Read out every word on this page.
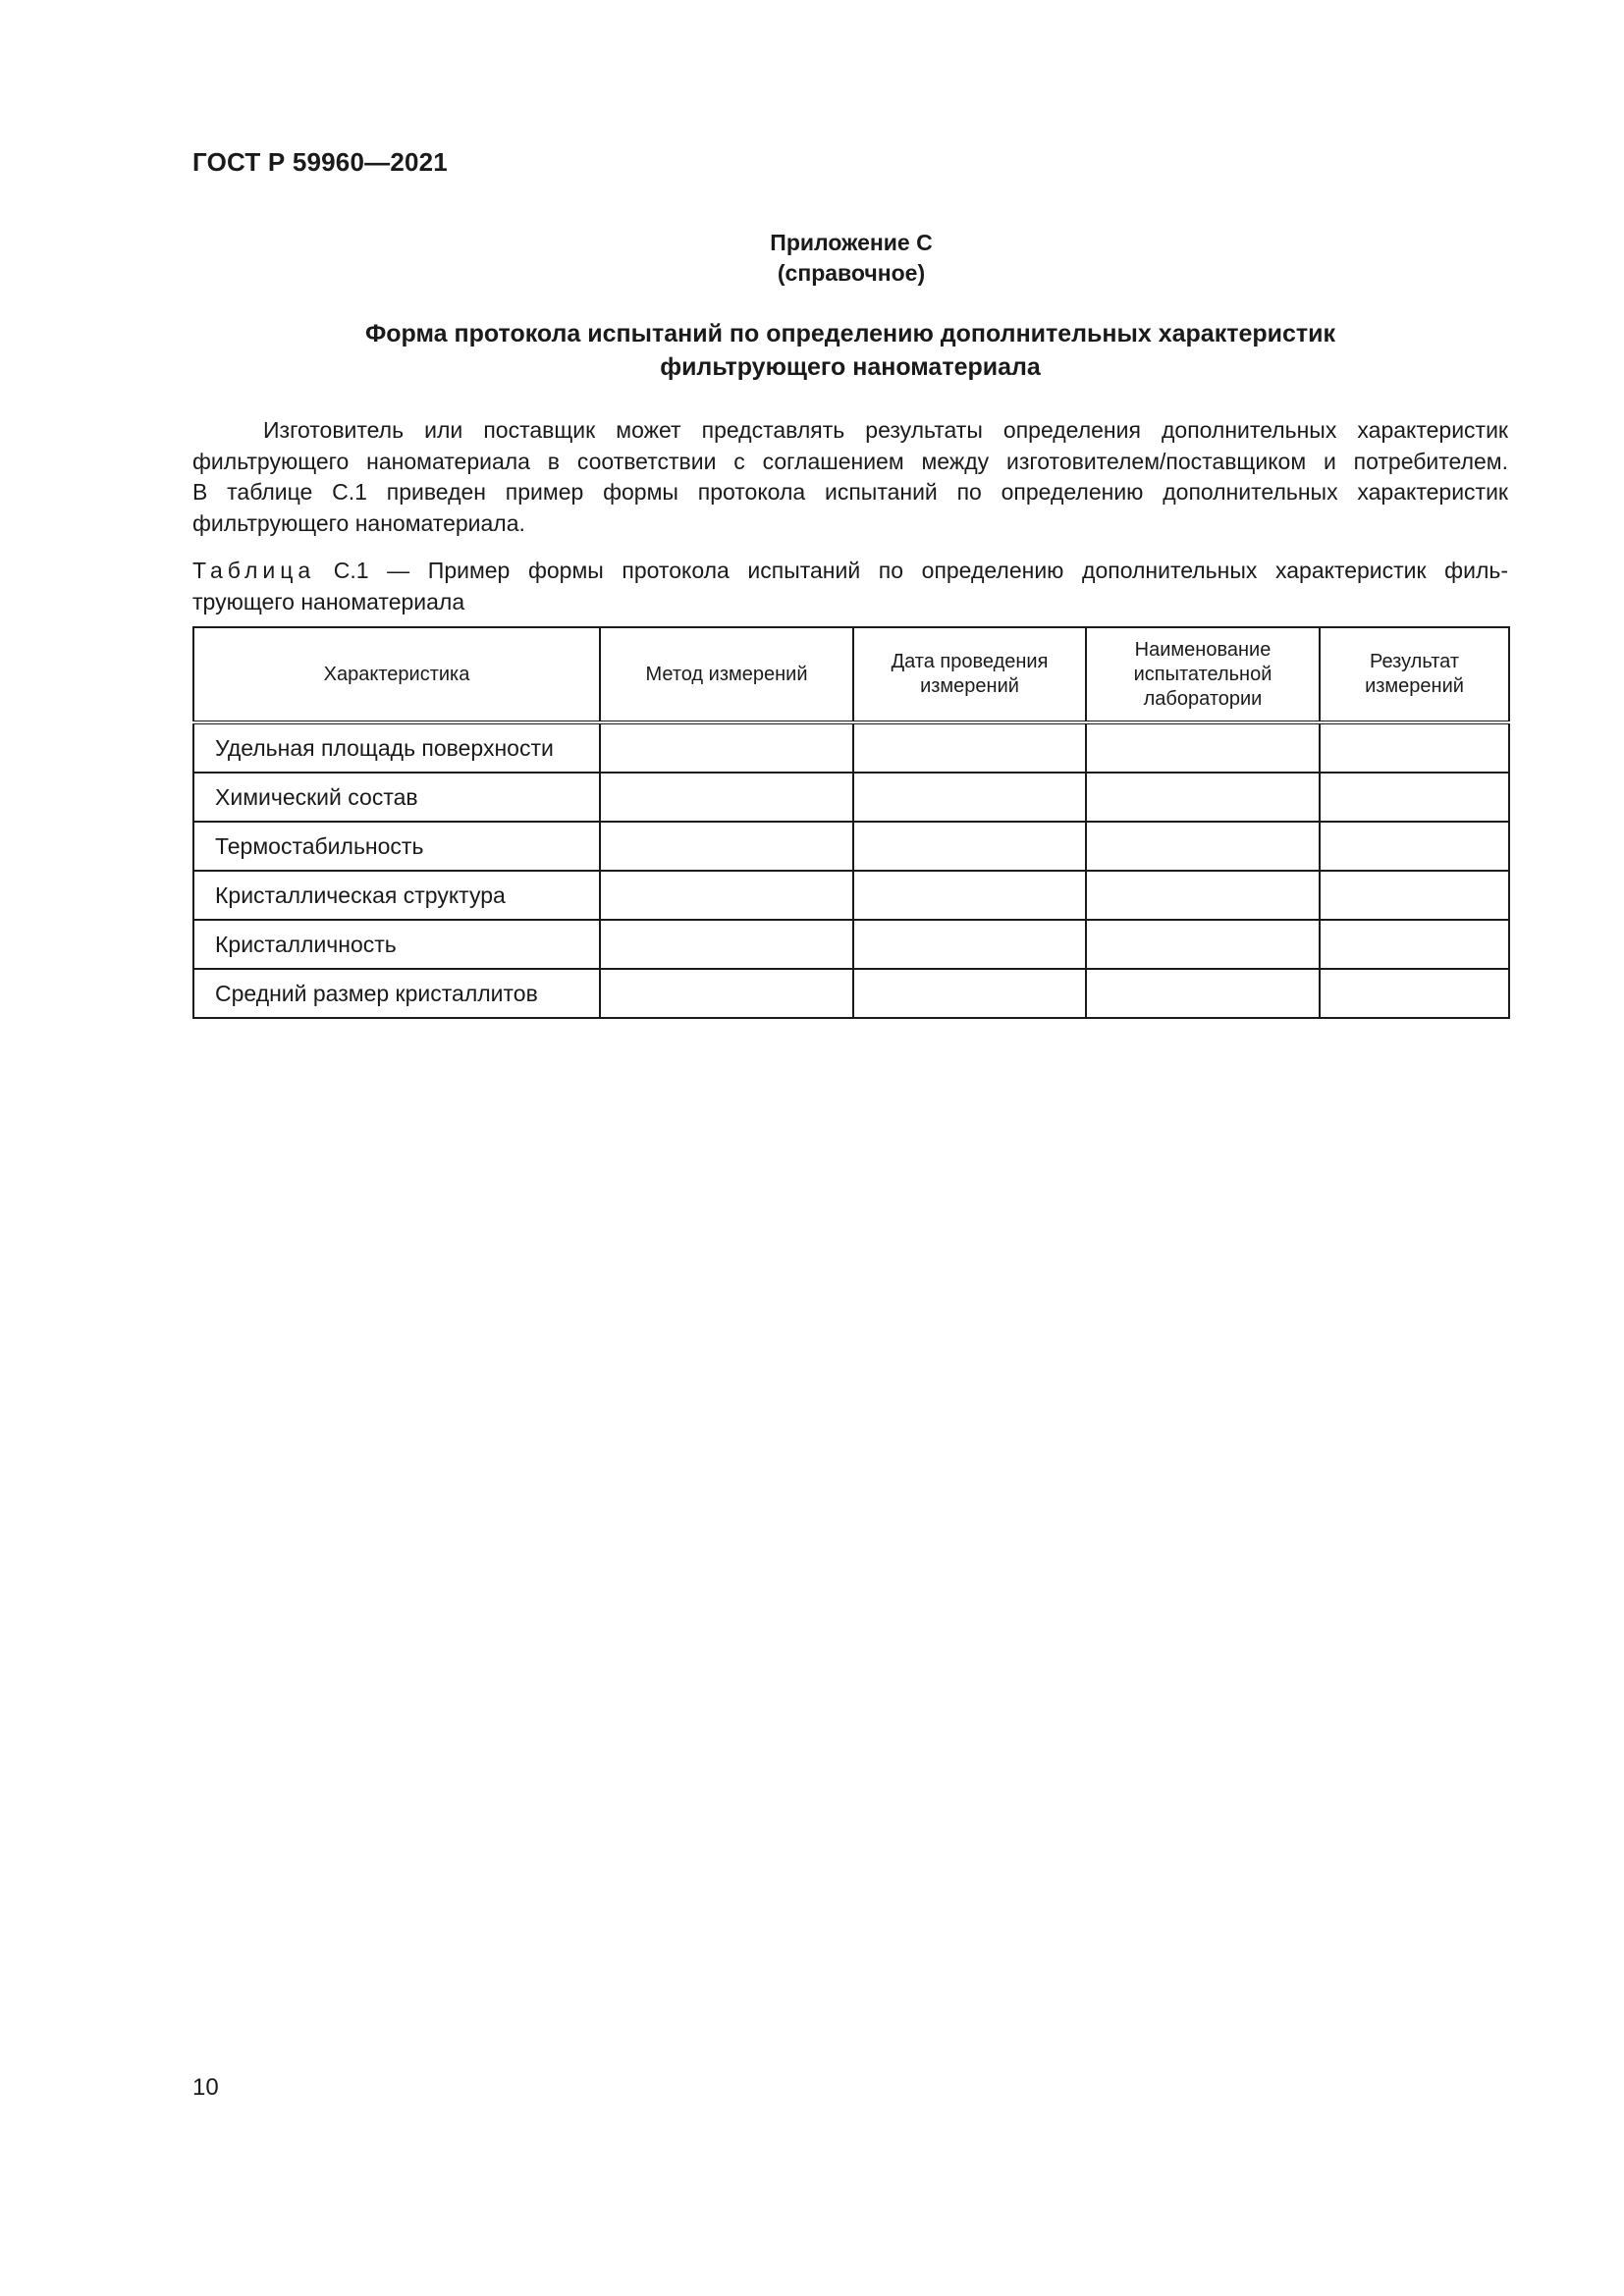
ГОСТ Р 59960—2021
Приложение С
(справочное)
Форма протокола испытаний по определению дополнительных характеристик
фильтрующего наноматериала
Изготовитель или поставщик может представлять результаты определения дополнительных характеристик
фильтрующего наноматериала в соответствии с соглашением между изготовителем/поставщиком и потребителем.
В таблице С.1 приведен пример формы протокола испытаний по определению дополнительных характеристик
фильтрующего наноматериала.
Таблица С.1 — Пример формы протокола испытаний по определению дополнительных характеристик филь-
трующего наноматериала
Характеристика	Метод измерений	Дата проведения измерений	Наименование испытательной лаборатории	Результат измерений
Удельная площадь поверхности				
Химический состав				
Термостабильность				
Кристаллическая структура				
Кристалличность				
Средний размер кристаллитов				
10
